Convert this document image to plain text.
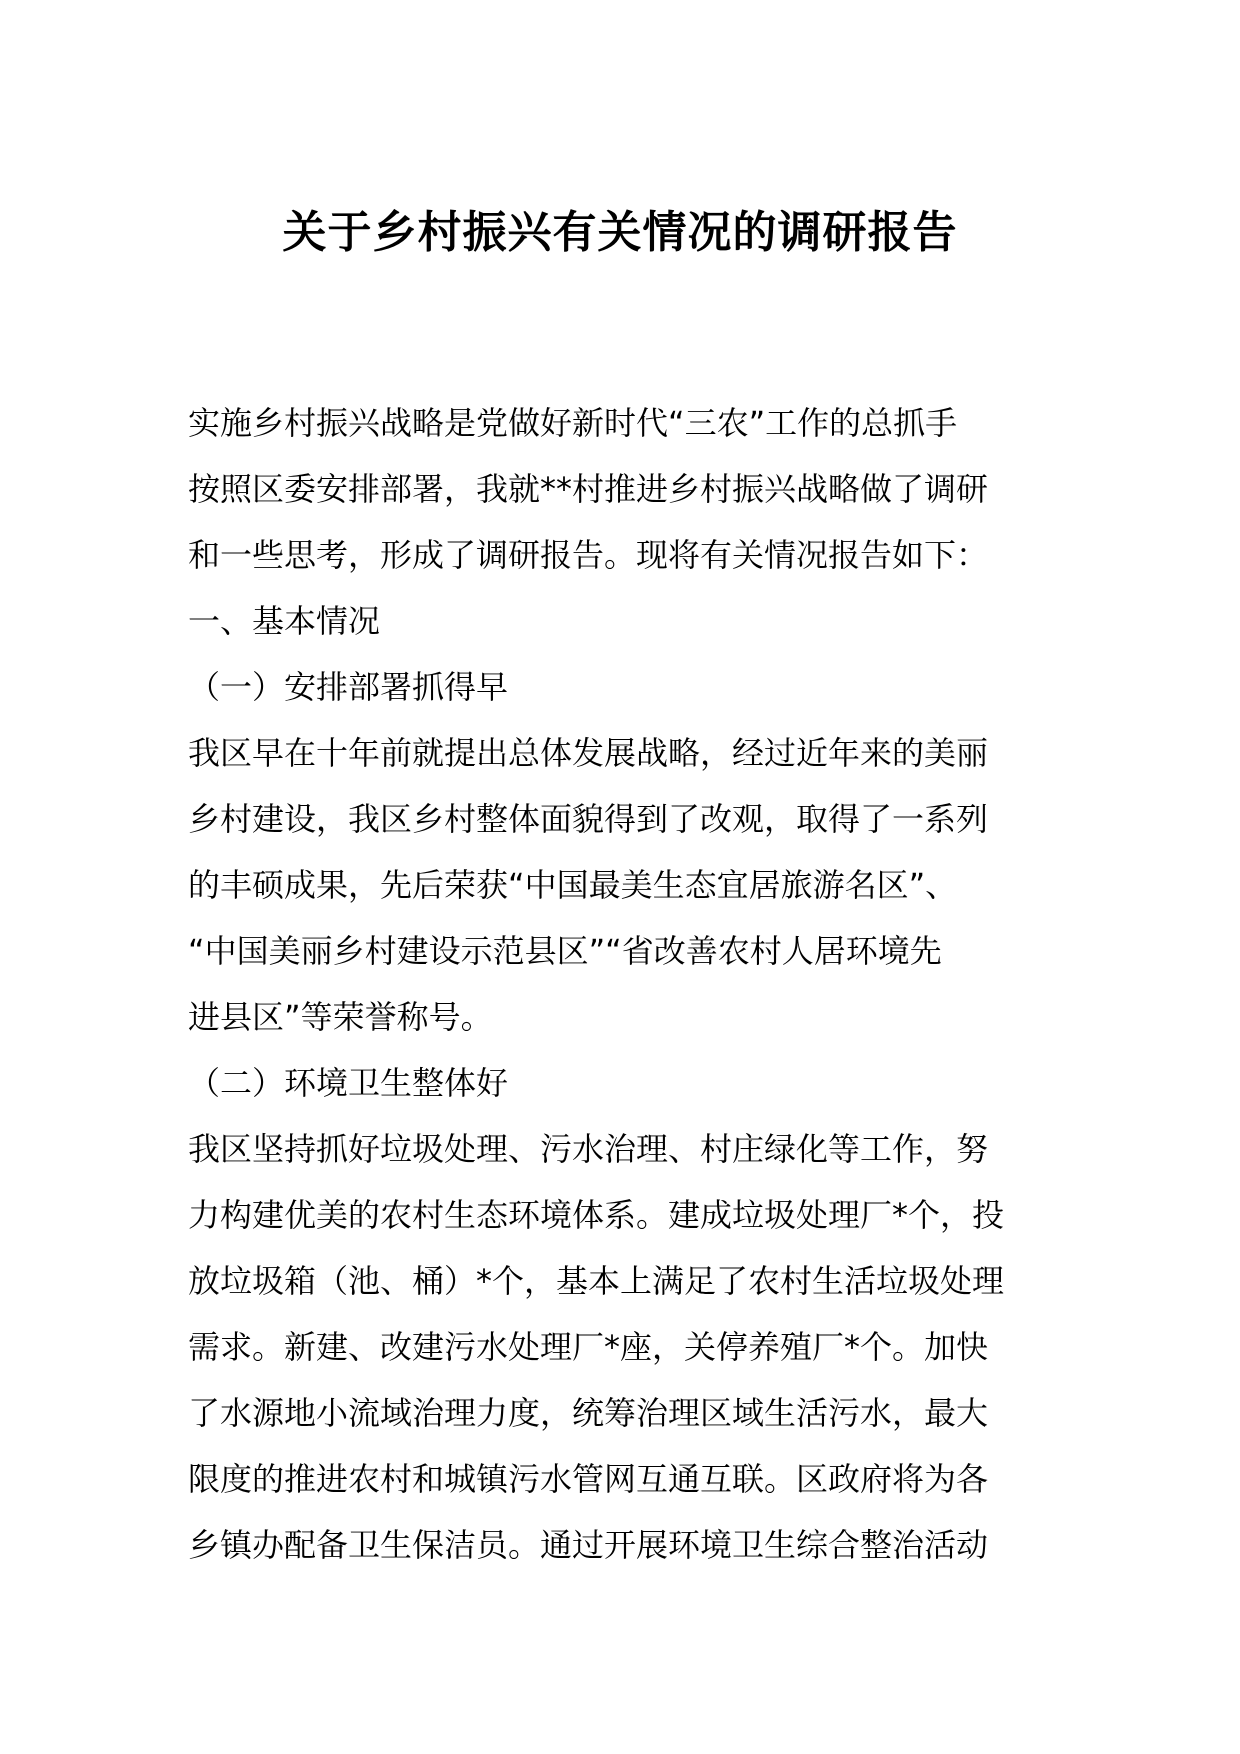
关于乡村振兴有关情况的调研报告

实施乡村振兴战略是党做好新时代“三农”工作的总抓手

按照区委安排部署，我就**村推进乡村振兴战略做了调研

和一些思考，形成了调研报告。现将有关情况报告如下：

一、基本情况

（一）安排部署抓得早

我区早在十年前就提出总体发展战略，经过近年来的美丽

乡村建设，我区乡村整体面貌得到了改观，取得了一系列

的丰硕成果，先后荣获“中国最美生态宜居旅游名区”、

“中国美丽乡村建设示范县区”“省改善农村人居环境先

进县区”等荣誉称号。

（二）环境卫生整体好

我区坚持抓好垃圾处理、污水治理、村庄绿化等工作，努

力构建优美的农村生态环境体系。建成垃圾处理厂*个，投

放垃圾箱（池、桶）*个，基本上满足了农村生活垃圾处理

需求。新建、改建污水处理厂*座，关停养殖厂*个。加快

了水源地小流域治理力度，统筹治理区域生活污水，最大

限度的推进农村和城镇污水管网互通互联。区政府将为各

乡镇办配备卫生保洁员。通过开展环境卫生综合整治活动
